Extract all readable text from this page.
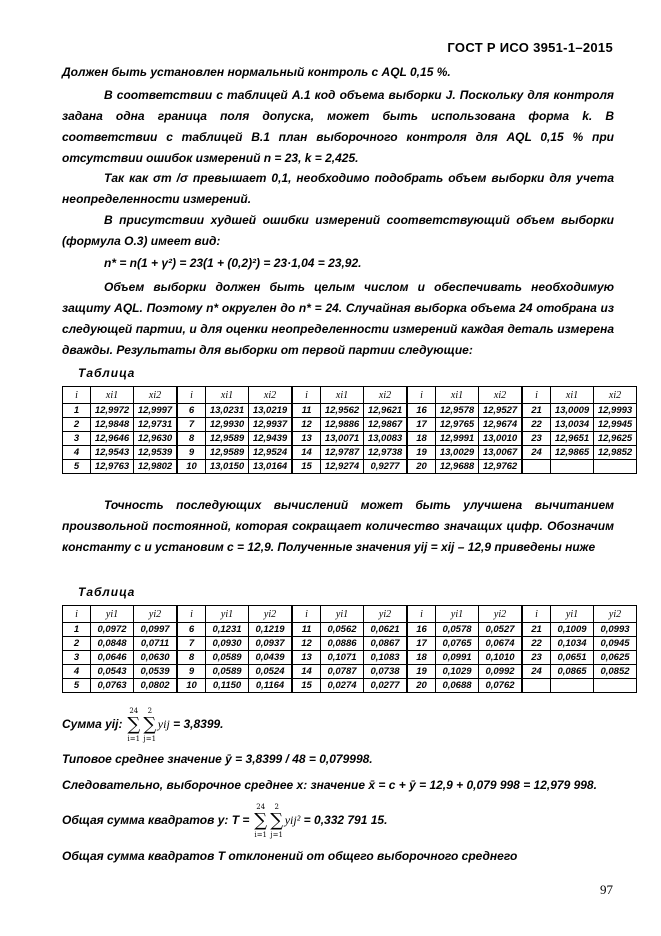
ГОСТ Р ИСО 3951-1–2015

Должен быть установлен нормальный контроль с AQL 0,15 %.

В соответствии с таблицей А.1 код объема выборки J. Поскольку для контроля задана одна граница поля допуска, может быть использована форма k. В соответствии с таблицей В.1 план выборочного контроля для AQL 0,15 % при отсутствии ошибок измерений n = 23, k = 2,425.

Так как σm /σ превышает 0,1, необходимо подобрать объем выборки для учета неопределенности измерений.

В присутствии худшей ошибки измерений соответствующий объем выборки (формула О.3) имеет вид:

n* = n(1 + γ²) = 23(1 + (0,2)²) = 23·1,04 = 23,92.

Объем выборки должен быть целым числом и обеспечивать необходимую защиту AQL. Поэтому n* округлен до n* = 24. Случайная выборка объема 24 отобрана из следующей партии, и для оценки неопределенности измерений каждая деталь измерена дважды. Результаты для выборки от первой партии следующие:

Таблица
i	xi1	xi2	i	xi1	xi2	i	xi1	xi2	i	xi1	xi2	i	xi1	xi2
1	12,9972	12,9997	6	13,0231	13,0219	11	12,9562	12,9621	16	12,9578	12,9527	21	13,0009	12,9993
2	12,9848	12,9731	7	12,9930	12,9937	12	12,9886	12,9867	17	12,9765	12,9674	22	13,0034	12,9945
3	12,9646	12,9630	8	12,9589	12,9439	13	13,0071	13,0083	18	12,9991	13,0010	23	12,9651	12,9625
4	12,9543	12,9539	9	12,9589	12,9524	14	12,9787	12,9738	19	13,0029	13,0067	24	12,9865	12,9852
5	12,9763	12,9802	10	13,0150	13,0164	15	12,9274	0,9277	20	12,9688	12,9762			

Точность последующих вычислений может быть улучшена вычитанием произвольной постоянной, которая сокращает количество значащих цифр. Обозначим константу c и установим c = 12,9. Полученные значения yij = xij – 12,9 приведены ниже

Таблица
i	yi1	yi2	i	yi1	yi2	i	yi1	yi2	i	yi1	yi2	i	yi1	yi2
1	0,0972	0,0997	6	0,1231	0,1219	11	0,0562	0,0621	16	0,0578	0,0527	21	0,1009	0,0993
2	0,0848	0,0711	7	0,0930	0,0937	12	0,0886	0,0867	17	0,0765	0,0674	22	0,1034	0,0945
3	0,0646	0,0630	8	0,0589	0,0439	13	0,1071	0,1083	18	0,0991	0,1010	23	0,0651	0,0625
4	0,0543	0,0539	9	0,0589	0,0524	14	0,0787	0,0738	19	0,1029	0,0992	24	0,0865	0,0852
5	0,0763	0,0802	10	0,1150	0,1164	15	0,0274	0,0277	20	0,0688	0,0762			
Сумма yij: ∑
24
i=1
∑
2
j=1
yij = 3,8399.
Типовое среднее значение ȳ = 3,8399 / 48 = 0,079998.
Следовательно, выборочное среднее x: значение x̄ = c + ȳ = 12,9 + 0,079 998 = 12,979 998.
Общая сумма квадратов y: T = ∑
24
i=1
∑
2
j=1
yij² = 0,332 791 15.
Общая сумма квадратов T отклонений от общего выборочного среднего
97
